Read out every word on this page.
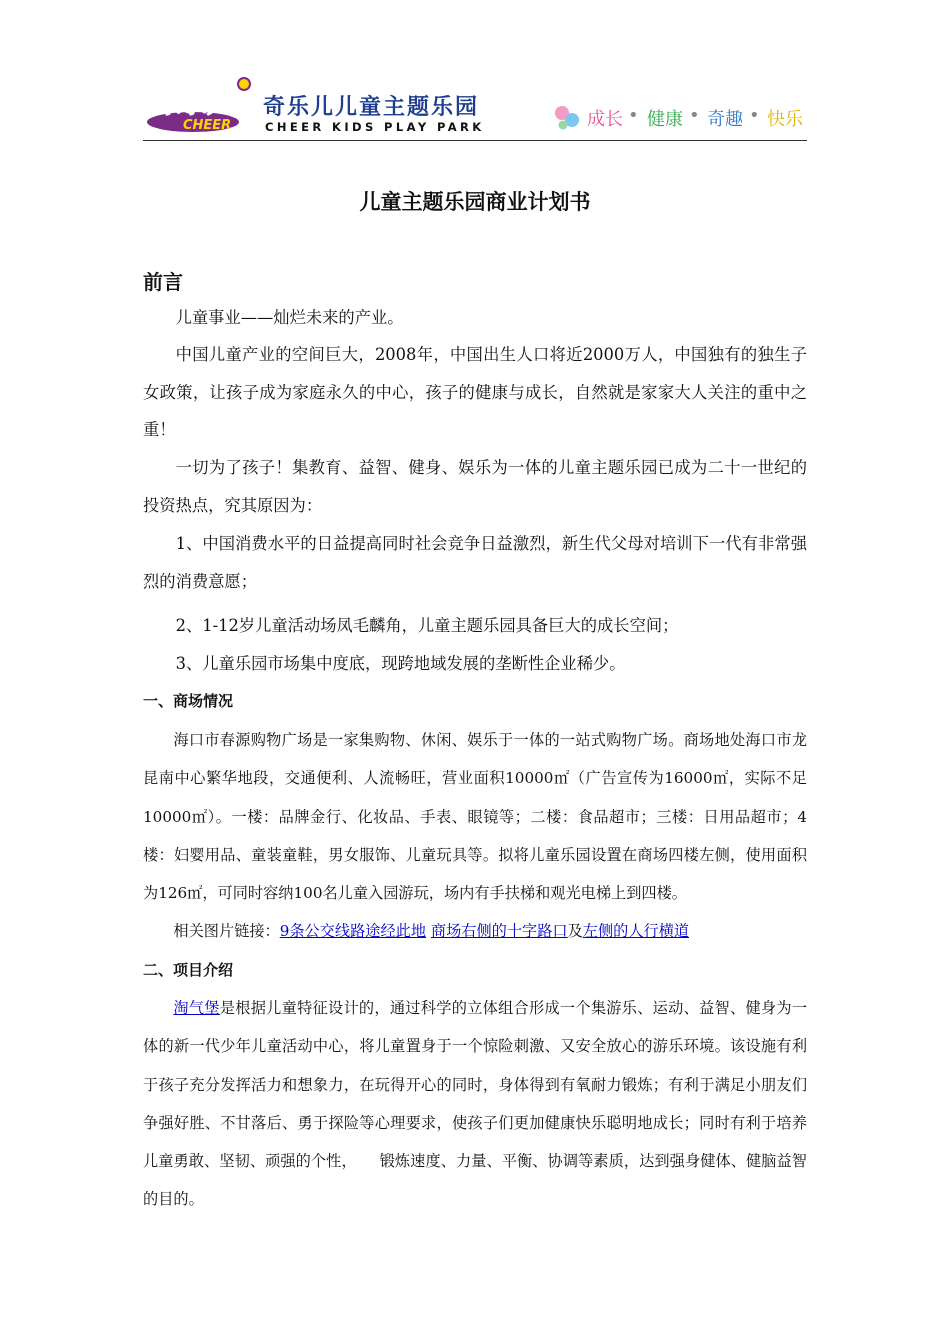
奇乐儿
CHEER
奇乐儿儿童主题乐园
CHEER KIDS PLAY PARK	成长 • 健康 • 奇趣 • 快乐
儿童主题乐园商业计划书
前言
儿童事业——灿烂未来的产业。
中国儿童产业的空间巨大，2008年，中国出生人口将近2000万人，中国独有的独生子女政策，让孩子成为家庭永久的中心，孩子的健康与成长，自然就是家家大人关注的重中之重！
一切为了孩子！集教育、益智、健身、娱乐为一体的儿童主题乐园已成为二十一世纪的投资热点，究其原因为：
1、中国消费水平的日益提高同时社会竞争日益激烈，新生代父母对培训下一代有非常强烈的消费意愿；
2、1-12岁儿童活动场凤毛麟角，儿童主题乐园具备巨大的成长空间；
3、儿童乐园市场集中度底，现跨地域发展的垄断性企业稀少。
一、商场情况
海口市春源购物广场是一家集购物、休闲、娱乐于一体的一站式购物广场。商场地处海口市龙昆南中心繁华地段，交通便利、人流畅旺，营业面积10000㎡（广告宣传为16000㎡，实际不足10000㎡）。一楼：品牌金行、化妆品、手表、眼镜等；二楼：食品超市；三楼：日用品超市；4楼：妇婴用品、童装童鞋，男女服饰、儿童玩具等。拟将儿童乐园设置在商场四楼左侧，使用面积为126㎡，可同时容纳100名儿童入园游玩，场内有手扶梯和观光电梯上到四楼。
相关图片链接：9条公交线路途经此地 商场右侧的十字路口及左侧的人行横道
二、项目介绍
淘气堡是根据儿童特征设计的，通过科学的立体组合形成一个集游乐、运动、益智、健身为一体的新一代少年儿童活动中心，将儿童置身于一个惊险刺激、又安全放心的游乐环境。该设施有利于孩子充分发挥活力和想象力，在玩得开心的同时，身体得到有氧耐力锻炼；有利于满足小朋友们争强好胜、不甘落后、勇于探险等心理要求，使孩子们更加健康快乐聪明地成长；同时有利于培养儿童勇敢、坚韧、顽强的个性，　　锻炼速度、力量、平衡、协调等素质，达到强身健体、健脑益智的目的。
